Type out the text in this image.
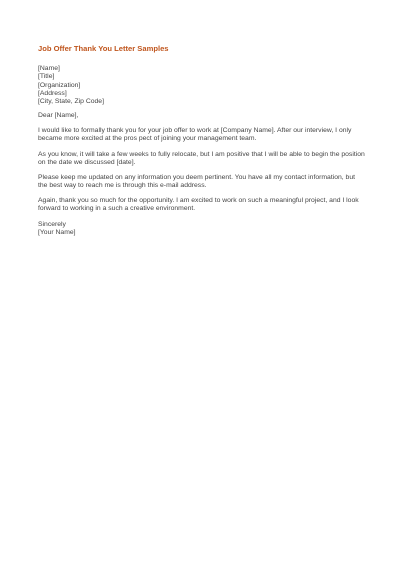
Job Offer Thank You Letter Samples
[Name]
[Title]
[Organization]
[Address]
[City, State, Zip Code]
Dear [Name],
I would like to formally thank you for your job offer to work at [Company Name]. After our interview, I only
became more excited at the pros pect of joining your management team.
As you know, it will take a few weeks to fully relocate, but I am positive that I will be able to begin the position
on the date we discussed [date].
Please keep me updated on any information you deem pertinent. You have all my contact information, but
the best way to reach me is through this e-mail address.
Again, thank you so much for the opportunity. I am excited to work on such a meaningful project, and I look
forward to working in a such a creative environment.
Sincerely
[Your Name]
